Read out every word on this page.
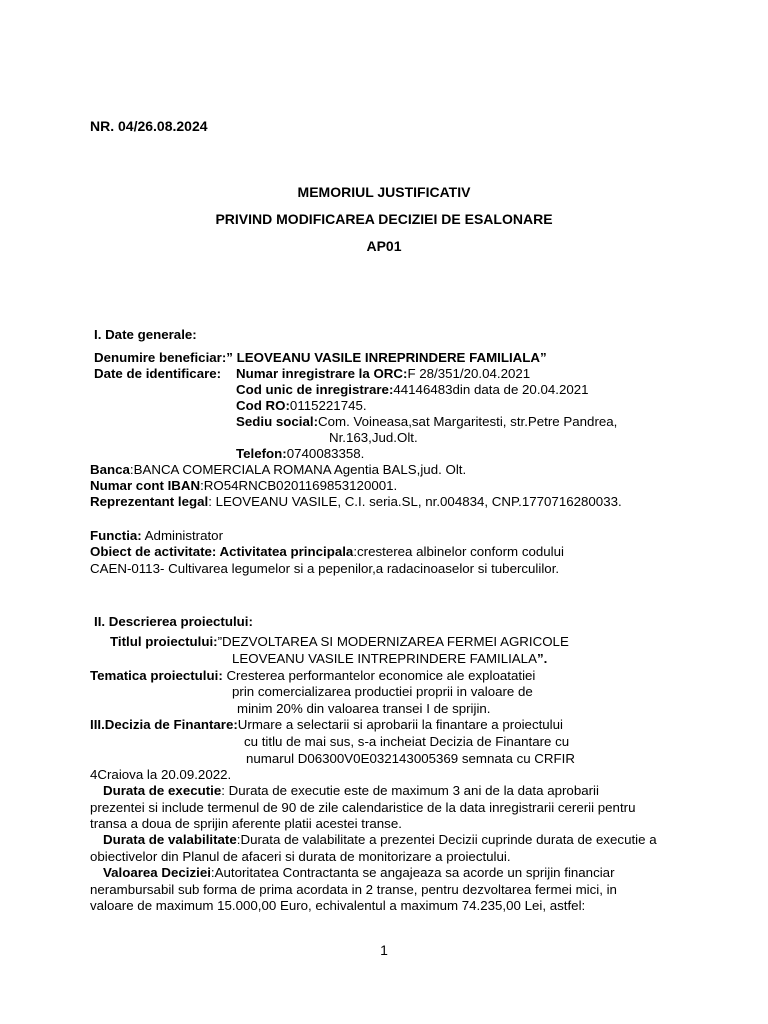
NR. 04/26.08.2024
MEMORIUL JUSTIFICATIV
PRIVIND MODIFICAREA DECIZIEI DE ESALONARE
AP01
I. Date generale:
Denumire beneficiar:” LEOVEANU VASILE INREPRINDERE FAMILIALA”
Date de identificare: Numar inregistrare la ORC:F 28/351/20.04.2021
Cod unic de inregistrare:44146483din data de 20.04.2021
Cod RO:0115221745.
Sediu social:Com. Voineasa,sat Margaritesti, str.Petre Pandrea,
Nr.163,Jud.Olt.
Telefon:0740083358.
Banca:BANCA COMERCIALA ROMANA Agentia BALS,jud. Olt.
Numar cont IBAN:RO54RNCB0201169853120001.
Reprezentant legal: LEOVEANU VASILE, C.I. seria.SL, nr.004834, CNP.1770716280033.
Functia: Administrator
Obiect de activitate: Activitatea principala:cresterea albinelor conform codului
CAEN-0113- Cultivarea legumelor si a pepenilor,a radacinoaselor si tuberculilor.
II. Descrierea proiectului:
Titlul proiectului:”DEZVOLTAREA SI MODERNIZAREA FERMEI AGRICOLE
LEOVEANU VASILE INTREPRINDERE FAMILIALA”.
Tematica proiectului: Cresterea performantelor economice ale exploatatiei
prin comercializarea productiei proprii in valoare de
minim 20% din valoarea transei I de sprijin.
III.Decizia de Finantare:Urmare a selectarii si aprobarii la finantare a proiectului
cu titlu de mai sus, s-a incheiat Decizia de Finantare cu
numarul D06300V0E032143005369 semnata cu CRFIR
4Craiova la 20.09.2022.
Durata de executie: Durata de executie este de maximum 3 ani de la data aprobarii
prezentei si include termenul de 90 de zile calendaristice de la data inregistrarii cererii pentru
transa a doua de sprijin aferente platii acestei transe.
Durata de valabilitate:Durata de valabilitate a prezentei Decizii cuprinde durata de executie a
obiectivelor din Planul de afaceri si durata de monitorizare a proiectului.
Valoarea Deciziei:Autoritatea Contractanta se angajeaza sa acorde un sprijin financiar
nerambursabil sub forma de prima acordata in 2 transe, pentru dezvoltarea fermei mici, in
valoare de maximum 15.000,00 Euro, echivalentul a maximum 74.235,00 Lei, astfel:
1
